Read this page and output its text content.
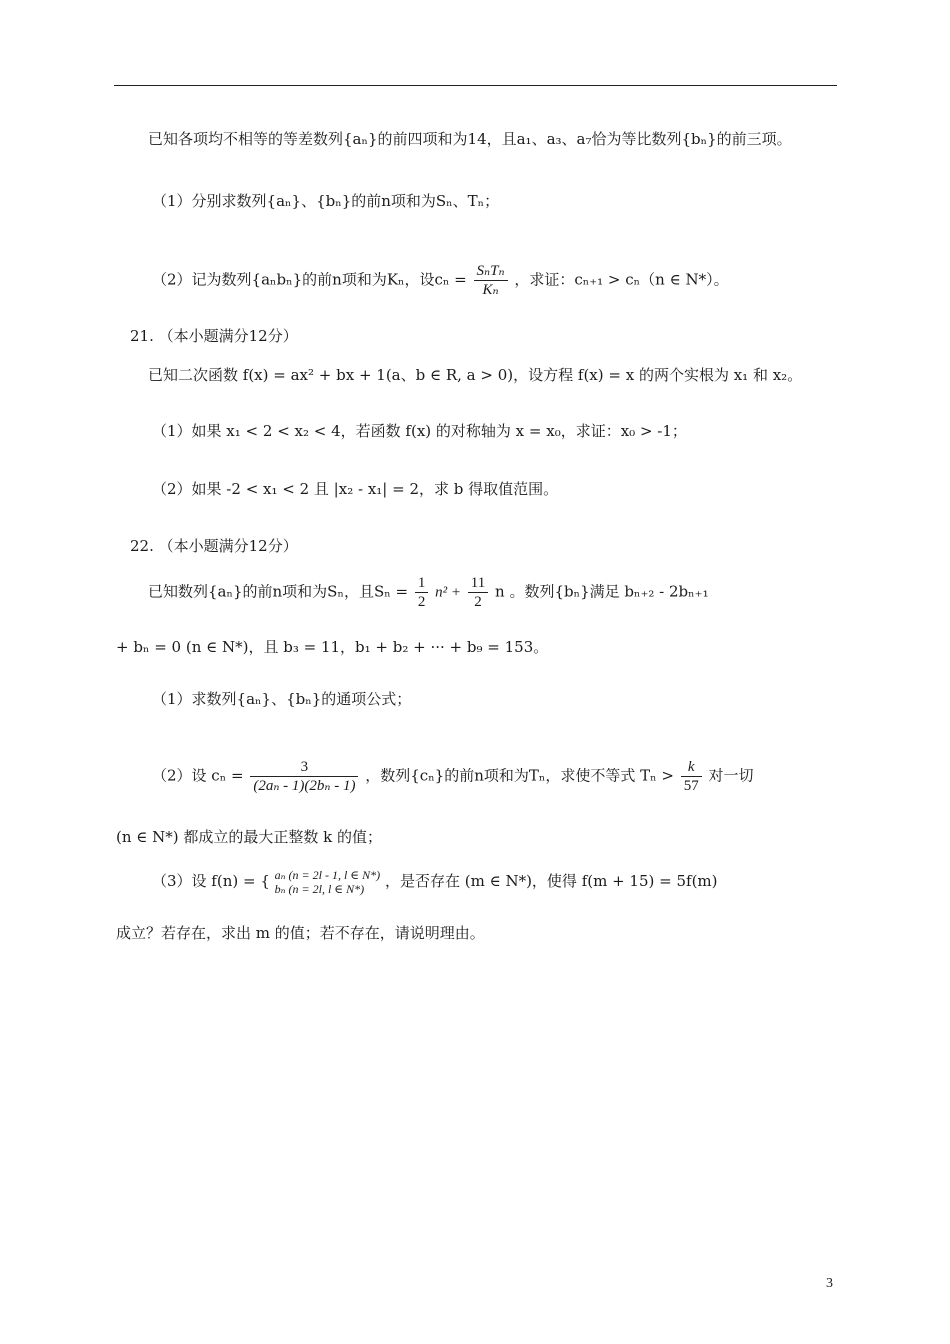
已知各项均不相等的等差数列{aₙ}的前四项和为14，且a₁、a₃、a₇恰为等比数列{bₙ}的前三项。
（1）分别求数列{aₙ}、{bₙ}的前n项和为Sₙ、Tₙ；
（2）记为数列{aₙbₙ}的前n项和为Kₙ，设$c_n = \frac{\text{SₙTₙ}}{\text{Kₙ}}$ ，求证：cₙ₊₁ > cₙ（n ∈ N*）。
21. （本小题满分12分）
已知二次函数 f(x) = ax² + bx + 1(a、b ∈ R, a > 0)，设方程 f(x) = x 的两个实根为 x₁ 和 x₂。
（1）如果 x₁ < 2 < x₂ < 4，若函数 f(x) 的对称轴为 x = x₀，求证：x₀ > -1；
（2）如果 -2 < x₁ < 2 且 |x₂ - x₁| = 2，求 b 得取值范围。
22. （本小题满分12分）
已知数列{aₙ}的前n项和为Sₙ，且$S_n = \frac{1}{2} n^2 + \frac{11}{2}$ n 。数列{bₙ}满足 bₙ₊₂ - 2bₙ₊₁
+ bₙ = 0 (n ∈ N*)，且 b₃ = 11，b₁ + b₂ + ··· + b₉ = 153。
（1）求数列{aₙ}、{bₙ}的通项公式；
（2）设 $c_n = \frac{3}{\text{(2aₙ - 1)(2bₙ - 1)}}$ ，数列{cₙ}的前n项和为Tₙ，求使不等式 $T_n > \frac{k}{57}$ 对一切
(n ∈ N*) 都成立的最大正整数 k 的值；
（3）设 f(n) = { aₙ (n = 2l - 1, l ∈ N*)
bₙ (n = 2l, l ∈ N*)	，是否存在 (m ∈ N*)，使得 f(m + 15) = 5f(m)
成立？若存在，求出 m 的值；若不存在，请说明理由。
3
